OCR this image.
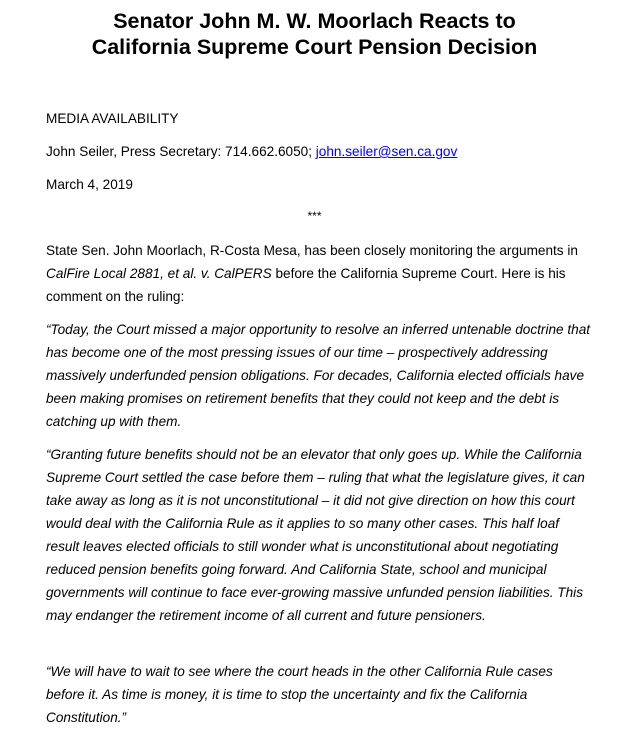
Senator John M. W. Moorlach Reacts to
California Supreme Court Pension Decision

MEDIA AVAILABILITY

John Seiler, Press Secretary: 714.662.6050; john.seiler@sen.ca.gov

March 4, 2019

***

State Sen. John Moorlach, R-Costa Mesa, has been closely monitoring the arguments in CalFire Local 2881, et al. v. CalPERS before the California Supreme Court. Here is his comment on the ruling:

“Today, the Court missed a major opportunity to resolve an inferred untenable doctrine that has become one of the most pressing issues of our time – prospectively addressing massively underfunded pension obligations. For decades, California elected officials have been making promises on retirement benefits that they could not keep and the debt is catching up with them.

“Granting future benefits should not be an elevator that only goes up. While the California Supreme Court settled the case before them – ruling that what the legislature gives, it can take away as long as it is not unconstitutional – it did not give direction on how this court would deal with the California Rule as it applies to so many other cases. This half loaf result leaves elected officials to still wonder what is unconstitutional about negotiating reduced pension benefits going forward. And California State, school and municipal governments will continue to face ever-growing massive unfunded pension liabilities. This may endanger the retirement income of all current and future pensioners.

“We will have to wait to see where the court heads in the other California Rule cases before it. As time is money, it is time to stop the uncertainty and fix the California Constitution.”
